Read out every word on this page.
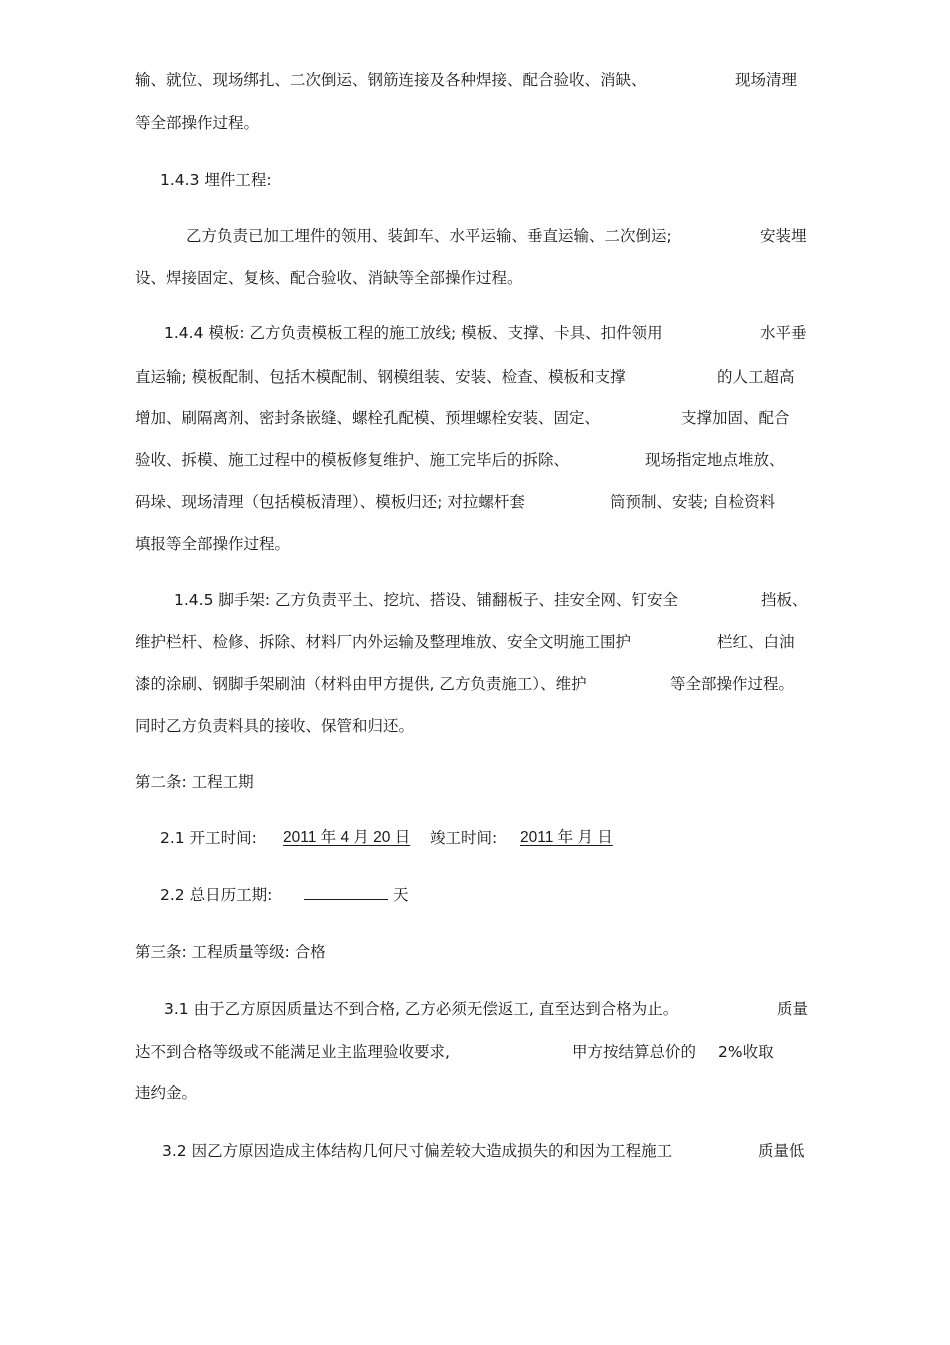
输、就位、现场绑扎、二次倒运、钢筋连接及各种焊接、配合验收、消缺、	现场清理
等全部操作过程。
1.4.3 埋件工程:
乙方负责已加工埋件的领用、装卸车、水平运输、垂直运输、二次倒运;	安装埋
设、焊接固定、复核、配合验收、消缺等全部操作过程。
1.4.4 模板: 乙方负责模板工程的施工放线; 模板、支撑、卡具、扣件领用	水平垂
直运输; 模板配制、包括木模配制、钢模组装、安装、检查、模板和支撑	的人工超高
增加、刷隔离剂、密封条嵌缝、螺栓孔配模、预埋螺栓安装、固定、	支撑加固、配合
验收、拆模、施工过程中的模板修复维护、施工完毕后的拆除、	现场指定地点堆放、
码垛、现场清理（包括模板清理）、模板归还; 对拉螺杆套	筒预制、安装; 自检资料
填报等全部操作过程。
1.4.5 脚手架: 乙方负责平土、挖坑、搭设、铺翻板子、挂安全网、钉安全	挡板、
维护栏杆、检修、拆除、材料厂内外运输及整理堆放、安全文明施工围护	栏红、白油
漆的涂刷、钢脚手架刷油（材料由甲方提供, 乙方负责施工）、维护	等全部操作过程。
同时乙方负责料具的接收、保管和归还。
第二条: 工程工期
2.1 开工时间: 2011 年 4 月 20 日 竣工时间: 2011 年 月 日
2.2 总日历工期:	天
第三条: 工程质量等级: 合格
3.1 由于乙方原因质量达不到合格, 乙方必须无偿返工, 直至达到合格为止。	质量
达不到合格等级或不能满足业主监理验收要求,	甲方按结算总价的 2%收取
违约金。
3.2 因乙方原因造成主体结构几何尺寸偏差较大造成损失的和因为工程施工	质量低
